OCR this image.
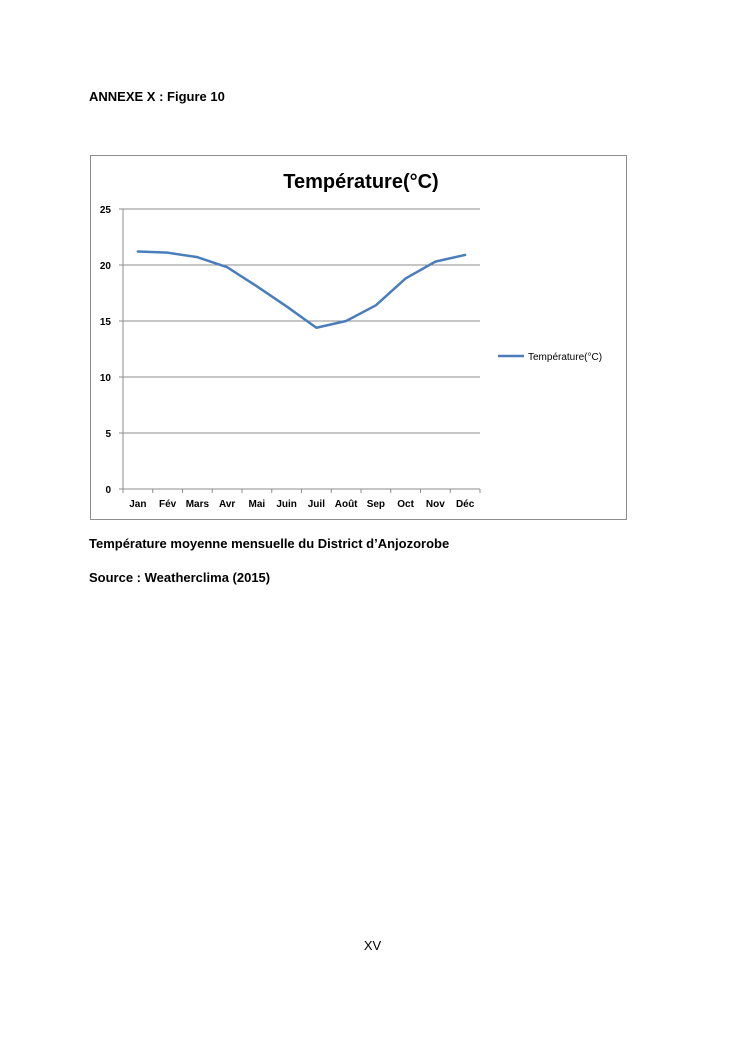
ANNEXE X : Figure 10
Température(°C)
0
5
10
15
20
25
Jan Fév Mars Avr Mai Juin Juil Août Sep Oct Nov Déc
Température(°C)
Température moyenne mensuelle du District d’Anjozorobe
Source : Weatherclima (2015)
XV
